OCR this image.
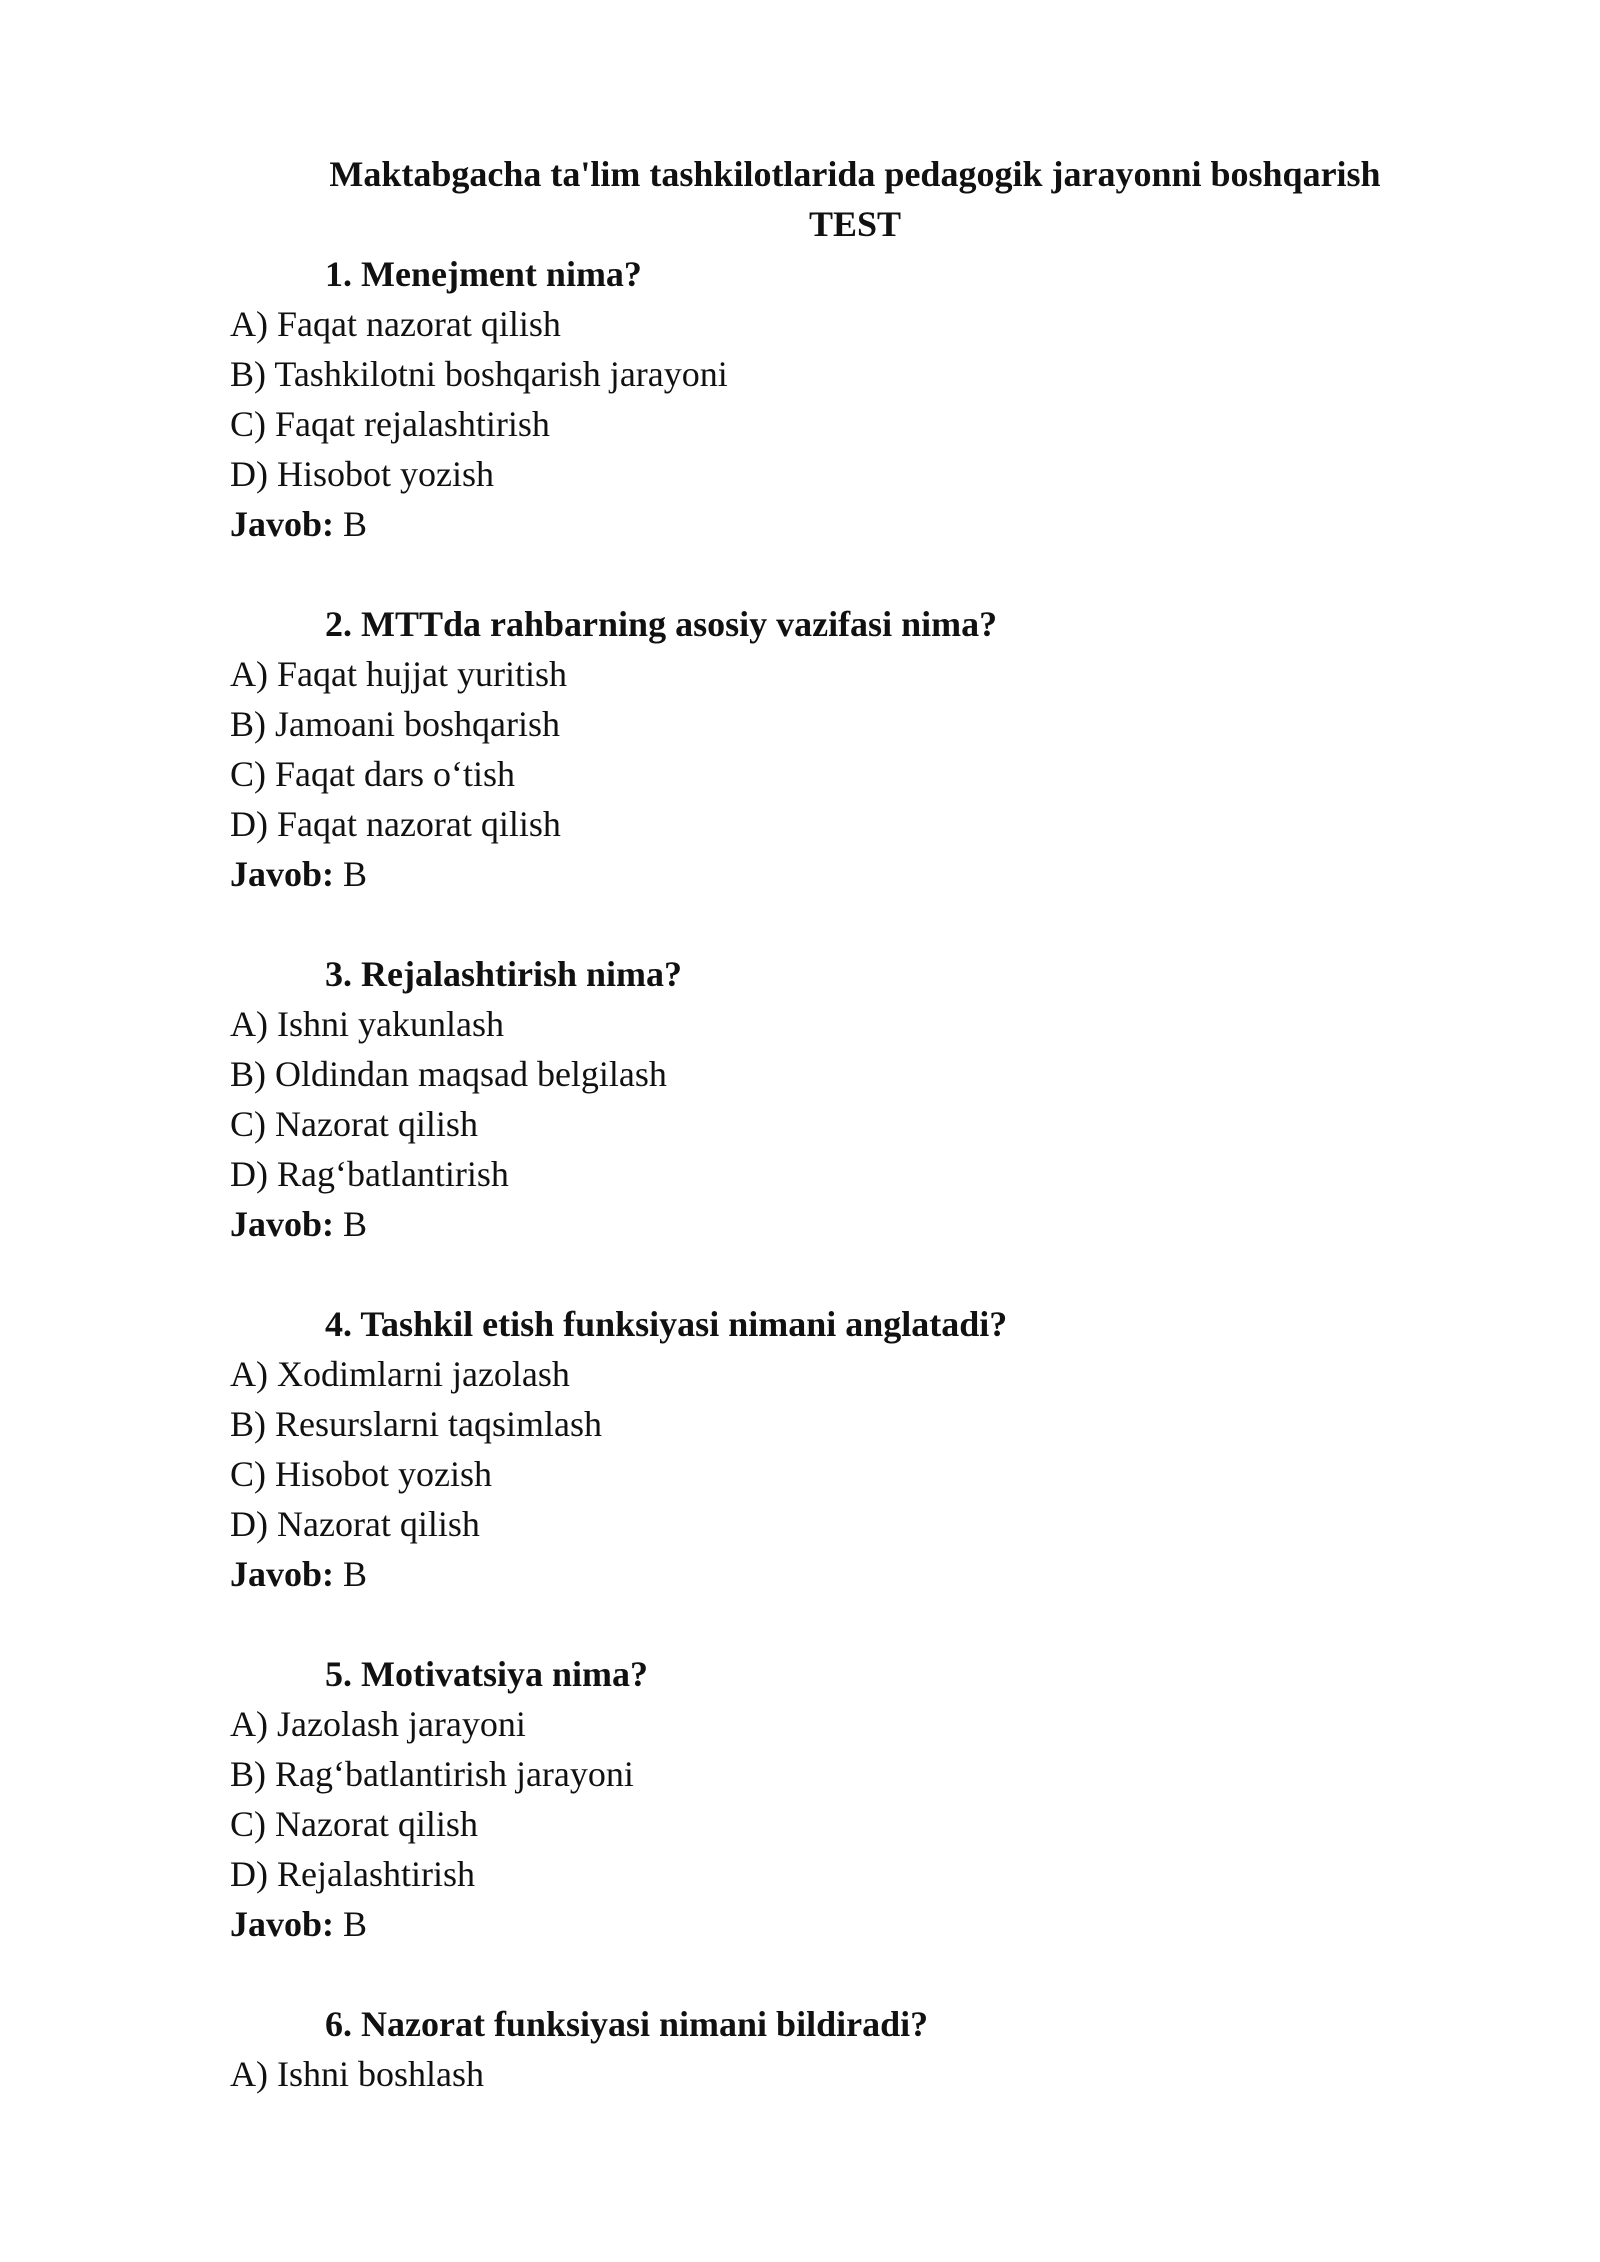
Maktabgacha ta'lim tashkilotlarida pedagogik jarayonni boshqarish
TEST
1. Menejment nima?
A) Faqat nazorat qilish
B) Tashkilotni boshqarish jarayoni
C) Faqat rejalashtirish
D) Hisobot yozish
Javob: B
2. MTTda rahbarning asosiy vazifasi nima?
A) Faqat hujjat yuritish
B) Jamoani boshqarish
C) Faqat dars o‘tish
D) Faqat nazorat qilish
Javob: B
3. Rejalashtirish nima?
A) Ishni yakunlash
B) Oldindan maqsad belgilash
C) Nazorat qilish
D) Rag‘batlantirish
Javob: B
4. Tashkil etish funksiyasi nimani anglatadi?
A) Xodimlarni jazolash
B) Resurslarni taqsimlash
C) Hisobot yozish
D) Nazorat qilish
Javob: B
5. Motivatsiya nima?
A) Jazolash jarayoni
B) Rag‘batlantirish jarayoni
C) Nazorat qilish
D) Rejalashtirish
Javob: B
6. Nazorat funksiyasi nimani bildiradi?
A) Ishni boshlash
